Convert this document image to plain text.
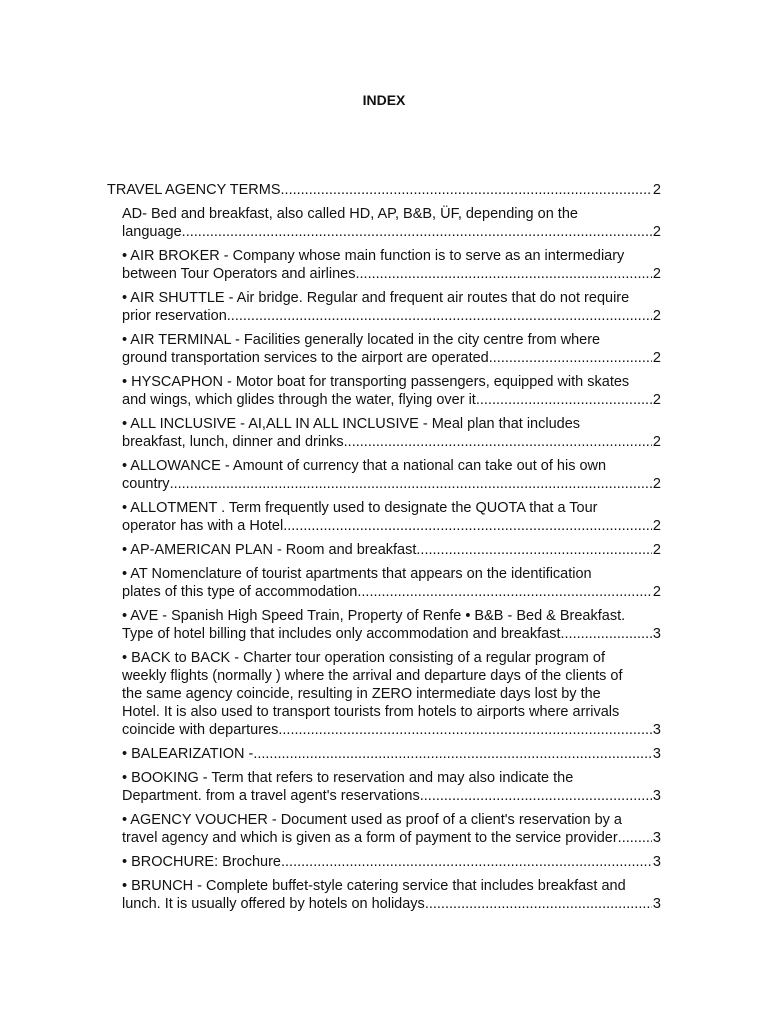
INDEX
TRAVEL AGENCY TERMS .....	2
AD- Bed and breakfast, also called HD, AP, B&B, ÜF, depending on the
language .....	2
• AIR BROKER - Company whose main function is to serve as an intermediary
between Tour Operators and airlines .....	2
• AIR SHUTTLE - Air bridge. Regular and frequent air routes that do not require
prior reservation .....	2
• AIR TERMINAL - Facilities generally located in the city centre from where
ground transportation services to the airport are operated .....	2
• HYSCAPHON - Motor boat for transporting passengers, equipped with skates
and wings, which glides through the water, flying over it .....	2
• ALL INCLUSIVE - AI,ALL IN ALL INCLUSIVE - Meal plan that includes
breakfast, lunch, dinner and drinks .....	2
• ALLOWANCE - Amount of currency that a national can take out of his own
country .....	2
• ALLOTMENT . Term frequently used to designate the QUOTA that a Tour
operator has with a Hotel .....	2
• AP-AMERICAN PLAN - Room and breakfast .....	2
• AT Nomenclature of tourist apartments that appears on the identification
plates of this type of accommodation .....	2
• AVE - Spanish High Speed Train, Property of Renfe • B&B - Bed & Breakfast.
Type of hotel billing that includes only accommodation and breakfast .....	3
• BACK to BACK - Charter tour operation consisting of a regular program of
weekly flights (normally ) where the arrival and departure days of the clients of
the same agency coincide, resulting in ZERO intermediate days lost by the
Hotel. It is also used to transport tourists from hotels to airports where arrivals
coincide with departures .....	3
• BALEARIZATION - .....	3
• BOOKING - Term that refers to reservation and may also indicate the
Department. from a travel agent's reservations .....	3
• AGENCY VOUCHER - Document used as proof of a client's reservation by a
travel agency and which is given as a form of payment to the service provider ..... 3
• BROCHURE: Brochure .....	3
• BRUNCH - Complete buffet-style catering service that includes breakfast and
lunch. It is usually offered by hotels on holidays .....	3
